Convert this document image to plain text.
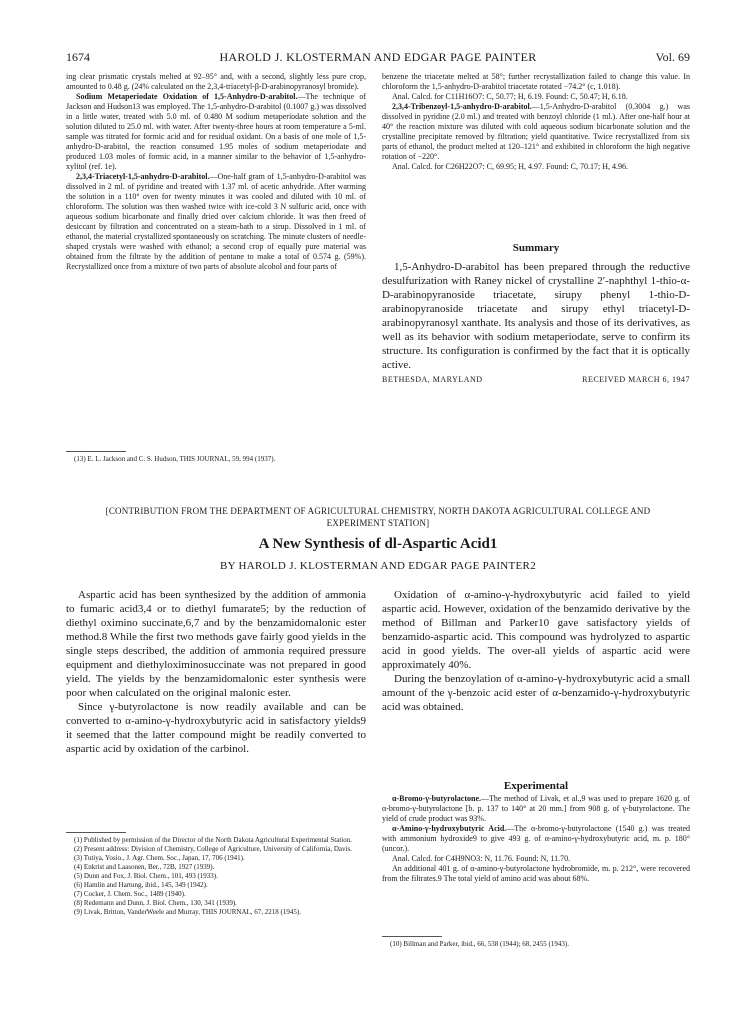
1674	HAROLD J. KLOSTERMAN AND EDGAR PAGE PAINTER	Vol. 69

ing clear prismatic crystals melted at 92–95° and, with a second, slightly less pure crop, amounted to 0.48 g. (24% calculated on the 2,3,4-triacetyl-β-D-arabinopyranosyl bromide).

Sodium Metaperiodate Oxidation of 1,5-Anhydro-D-arabitol.—The technique of Jackson and Hudson13 was employed. The 1,5-anhydro-D-arabitol (0.1007 g.) was dissolved in a little water, treated with 5.0 ml. of 0.480 M sodium metaperiodate solution and the solution diluted to 25.0 ml. with water. After twenty-three hours at room temperature a 5-ml. sample was titrated for formic acid and for residual oxidant. On a basis of one mole of 1,5-anhydro-D-arabitol, the reaction consumed 1.95 moles of sodium metaperiodate and produced 1.03 moles of formic acid, in a manner similar to the behavior of 1,5-anhydro-xylitol (ref. 1e).

2,3,4-Triacetyl-1,5-anhydro-D-arabitol.—One-half gram of 1,5-anhydro-D-arabitol was dissolved in 2 ml. of pyridine and treated with 1.37 ml. of acetic anhydride. After warming the solution in a 110° oven for twenty minutes it was cooled and diluted with 10 ml. of chloroform. The solution was then washed twice with ice-cold 3 N sulfuric acid, once with aqueous sodium bicarbonate and finally dried over calcium chloride. It was then freed of desiccant by filtration and concentrated on a steam-bath to a sirup. Dissolved in 1 ml. of ethanol, the material crystallized spontaneously on scratching. The minute clusters of needle-shaped crystals were washed with ethanol; a second crop of equally pure material was obtained from the filtrate by the addition of pentane to make a total of 0.574 g. (59%). Recrystallized once from a mixture of two parts of absolute alcohol and four parts of

(13) E. L. Jackson and C. S. Hudson, THIS JOURNAL, 59, 994 (1937).

benzene the triacetate melted at 58°; further recrystallization failed to change this value. In chloroform the 1,5-anhydro-D-arabitol triacetate rotated −74.2° (c, 1.018).

Anal. Calcd. for C11H16O7: C, 50.77; H, 6.19. Found: C, 50.47; H, 6.18.

2,3,4-Tribenzoyl-1,5-anhydro-D-arabitol.—1,5-Anhydro-D-arabitol (0.3004 g.) was dissolved in pyridine (2.0 ml.) and treated with benzoyl chloride (1 ml.). After one-half hour at 40° the reaction mixture was diluted with cold aqueous sodium bicarbonate solution and the crystalline precipitate removed by filtration; yield quantitative. Twice recrystallized from six parts of ethanol, the product melted at 120–121° and exhibited in chloroform the high negative rotation of −220°.

Anal. Calcd. for C26H22O7: C, 69.95; H, 4.97. Found: C, 70.17; H, 4.96.

Summary

1,5-Anhydro-D-arabitol has been prepared through the reductive desulfurization with Raney nickel of crystalline 2′-naphthyl 1-thio-α-D-arabinopyranoside triacetate, sirupy phenyl 1-thio-D-arabinopyranoside triacetate and sirupy ethyl triacetyl-D-arabinopyranosyl xanthate. Its analysis and those of its derivatives, as well as its behavior with sodium metaperiodate, serve to confirm its structure. Its configuration is confirmed by the fact that it is optically active.

BETHESDA, MARYLAND	RECEIVED MARCH 6, 1947
[CONTRIBUTION FROM THE DEPARTMENT OF AGRICULTURAL CHEMISTRY, NORTH DAKOTA AGRICULTURAL COLLEGE AND EXPERIMENT STATION]
A New Synthesis of dl-Aspartic Acid1
BY HAROLD J. KLOSTERMAN AND EDGAR PAGE PAINTER2

Aspartic acid has been synthesized by the addition of ammonia to fumaric acid3,4 or to diethyl fumarate5; by the reduction of diethyl oximino succinate,6,7 and by the benzamidomalonic ester method.8 While the first two methods gave fairly good yields in the single steps described, the addition of ammonia required pressure equipment and diethyloximinosuccinate was not prepared in good yield. The yields by the benzamidomalonic ester synthesis were poor when calculated on the original malonic ester.

Since γ-butyrolactone is now readily available and can be converted to α-amino-γ-hydroxybutyric acid in satisfactory yields9 it seemed that the latter compound might be readily converted to aspartic acid by oxidation of the carbinol.

(1) Published by permission of the Director of the North Dakota Agricultural Experimental Station.

(2) Present address: Division of Chemistry, College of Agriculture, University of California, Davis.

(3) Tutiya, Yosio., J. Agr. Chem. Soc., Japan, 17, 706 (1941).

(4) Enkrist and Laasonen, Ber., 72B, 1927 (1939).

(5) Dunn and Fox, J. Biol. Chem., 101, 493 (1933).

(6) Hamlin and Hartung, ibid., 145, 349 (1942).

(7) Cocker, J. Chem. Soc., 1489 (1940).

(8) Redemann and Dunn, J. Biol. Chem., 130, 341 (1939).

(9) Livak, Britton, VanderWeele and Murray, THIS JOURNAL, 67, 2218 (1945).

Oxidation of α-amino-γ-hydroxybutyric acid failed to yield aspartic acid. However, oxidation of the benzamido derivative by the method of Billman and Parker10 gave satisfactory yields of benzamido-aspartic acid. This compound was hydrolyzed to aspartic acid in good yields. The over-all yields of aspartic acid were approximately 40%.

During the benzoylation of α-amino-γ-hydroxybutyric acid a small amount of the γ-benzoic acid ester of α-benzamido-γ-hydroxybutyric acid was obtained.

Experimental

α-Bromo-γ-butyrolactone.—The method of Livak, et al.,9 was used to prepare 1620 g. of α-bromo-γ-butyrolactone [b. p. 137 to 140° at 20 mm.] from 908 g. of γ-butyrolactone. The yield of crude product was 93%.

α-Amino-γ-hydroxybutyric Acid.—The α-bromo-γ-butyrolactone (1540 g.) was treated with ammonium hydroxide9 to give 493 g. of α-amino-γ-hydroxybutyric acid, m. p. 180° (uncor.).

Anal. Calcd. for C4H9NO3: N, 11.76. Found: N, 11.70.

An additional 401 g. of α-amino-γ-butyrolactone hydrobromide, m. p. 212°, were recovered from the filtrates.9 The total yield of amino acid was about 68%.

(10) Billman and Parker, ibid., 66, 538 (1944); 68, 2455 (1943).
